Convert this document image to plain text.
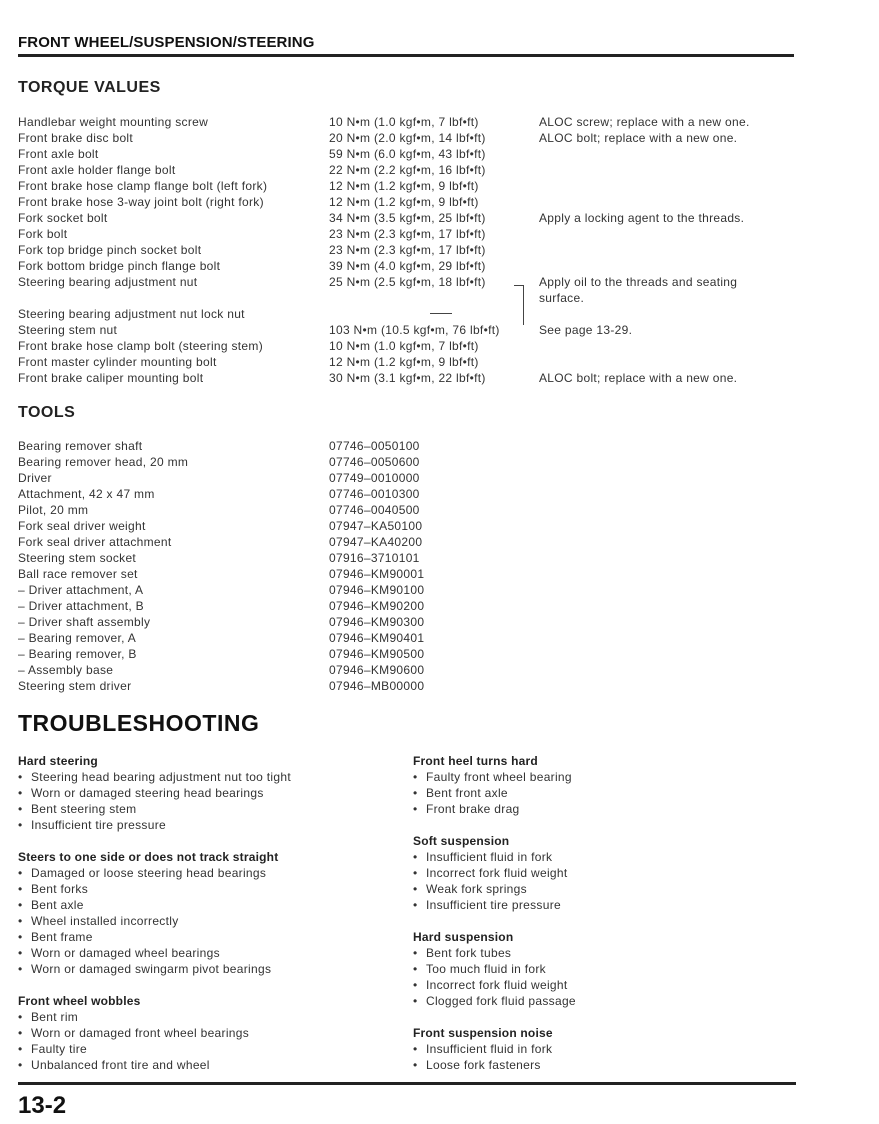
FRONT WHEEL/SUSPENSION/STEERING
TORQUE VALUES
Handlebar weight mounting screw	10 N•m (1.0 kgf•m, 7 lbf•ft)	ALOC screw; replace with a new one.
Front brake disc bolt	20 N•m (2.0 kgf•m, 14 lbf•ft)	ALOC bolt; replace with a new one.
Front axle bolt	59 N•m (6.0 kgf•m, 43 lbf•ft)
Front axle holder flange bolt	22 N•m (2.2 kgf•m, 16 lbf•ft)
Front brake hose clamp flange bolt (left fork)	12 N•m (1.2 kgf•m, 9 lbf•ft)
Front brake hose 3-way joint bolt (right fork)	12 N•m (1.2 kgf•m, 9 lbf•ft)
Fork socket bolt	34 N•m (3.5 kgf•m, 25 lbf•ft)	Apply a locking agent to the threads.
Fork bolt	23 N•m (2.3 kgf•m, 17 lbf•ft)
Fork top bridge pinch socket bolt	23 N•m (2.3 kgf•m, 17 lbf•ft)
Fork bottom bridge pinch flange bolt	39 N•m (4.0 kgf•m, 29 lbf•ft)
Steering bearing adjustment nut	25 N•m (2.5 kgf•m, 18 lbf•ft)	Apply oil to the threads and seating surface.
Steering bearing adjustment nut lock nut
Steering stem nut	103 N•m (10.5 kgf•m, 76 lbf•ft)	See page 13-29.
Front brake hose clamp bolt (steering stem)	10 N•m (1.0 kgf•m, 7 lbf•ft)
Front master cylinder mounting bolt	12 N•m (1.2 kgf•m, 9 lbf•ft)
Front brake caliper mounting bolt	30 N•m (3.1 kgf•m, 22 lbf•ft)	ALOC bolt; replace with a new one.
TOOLS
Bearing remover shaft	07746–0050100
Bearing remover head, 20 mm	07746–0050600
Driver	07749–0010000
Attachment, 42 x 47 mm	07746–0010300
Pilot, 20 mm	07746–0040500
Fork seal driver weight	07947–KA50100
Fork seal driver attachment	07947–KA40200
Steering stem socket	07916–3710101
Ball race remover set	07946–KM90001
– Driver attachment, A	07946–KM90100
– Driver attachment, B	07946–KM90200
– Driver shaft assembly	07946–KM90300
– Bearing remover, A	07946–KM90401
– Bearing remover, B	07946–KM90500
– Assembly base	07946–KM90600
Steering stem driver	07946–MB00000
TROUBLESHOOTING
Hard steering
• Steering head bearing adjustment nut too tight
• Worn or damaged steering head bearings
• Bent steering stem
• Insufficient tire pressure
Steers to one side or does not track straight
• Damaged or loose steering head bearings
• Bent forks
• Bent axle
• Wheel installed incorrectly
• Bent frame
• Worn or damaged wheel bearings
• Worn or damaged swingarm pivot bearings
Front wheel wobbles
• Bent rim
• Worn or damaged front wheel bearings
• Faulty tire
• Unbalanced front tire and wheel
Front heel turns hard
• Faulty front wheel bearing
• Bent front axle
• Front brake drag
Soft suspension
• Insufficient fluid in fork
• Incorrect fork fluid weight
• Weak fork springs
• Insufficient tire pressure
Hard suspension
• Bent fork tubes
• Too much fluid in fork
• Incorrect fork fluid weight
• Clogged fork fluid passage
Front suspension noise
• Insufficient fluid in fork
• Loose fork fasteners
13-2
